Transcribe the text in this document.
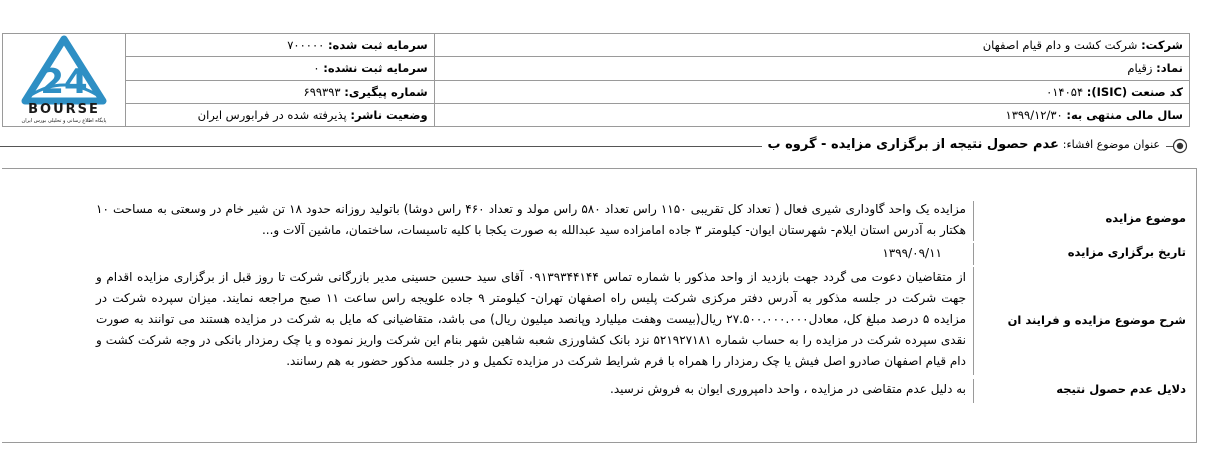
شرکت: شرکت کشت و دام قیام اصفهان	سرمایه ثبت شده: ۷۰۰۰۰۰	24
BOURSE
پایگاه اطلاع رسانی و تحلیلی بورس ایران

نماد: زقیام	سرمایه ثبت نشده: ۰	
کد صنعت (ISIC): ۰۱۴۰۵۴	شماره پیگیری: ۶۹۹۳۹۳	
سال مالی منتهی به: ۱۳۹۹/۱۲/۳۰	وضعیت ناشر: پذیرفته شده در فرابورس ایران	
عنوان موضوع افشاء: عدم حصول نتیجه از برگزاری مزایده - گروه ب
موضوع مزایده
مزایده یک واحد گاوداری شیری فعال ( تعداد کل تقریبی ۱۱۵۰ راس تعداد ۵۸۰ راس مولد و تعداد ۴۶۰ راس دوشا) باتولید روزانه حدود ۱۸ تن شیر خام در وسعتی به مساحت ۱۰ هکتار به آدرس استان ایلام- شهرستان ایوان- کیلومتر ۳ جاده امامزاده سید عبدالله به صورت یکجا با کلیه تاسیسات، ساختمان، ماشین آلات و...
تاریخ برگزاری مزایده
۱۳۹۹/۰۹/۱۱
شرح موضوع مزایده و فرایند ان
از متقاضیان دعوت می گردد جهت بازدید از واحد مذکور با شماره تماس ۰۹۱۳۹۳۴۴۱۴۴ آقای سید حسین حسینی مدیر بازرگانی شرکت تا روز قبل از برگزاری مزایده اقدام و جهت شرکت در جلسه مذکور به آدرس دفتر مرکزی شرکت پلیس راه اصفهان تهران- کیلومتر ۹ جاده علویجه راس ساعت ۱۱ صبح مراجعه نمایند. میزان سپرده شرکت در مزایده ۵ درصد مبلغ کل، معادل۲۷.۵۰۰.۰۰۰.۰۰۰ ریال(بیست وهفت میلیارد وپانصد میلیون ریال) می باشد، متقاضیانی که مایل به شرکت در مزایده هستند می توانند به صورت نقدی سپرده شرکت در مزایده را به حساب شماره ۵۲۱۹۲۷۱۸۱ نزد بانک کشاورزی شعبه شاهین شهر بنام این شرکت واریز نموده و یا چک رمزدار بانکی در وجه شرکت کشت و دام قیام اصفهان صادرو اصل فیش یا چک رمزدار را همراه با فرم شرایط شرکت در مزایده تکمیل و در جلسه مذکور حضور به هم رسانند.
دلایل عدم حصول نتیجه
به دلیل عدم متقاضی در مزایده ، واحد دامپروری ایوان به فروش نرسید.
